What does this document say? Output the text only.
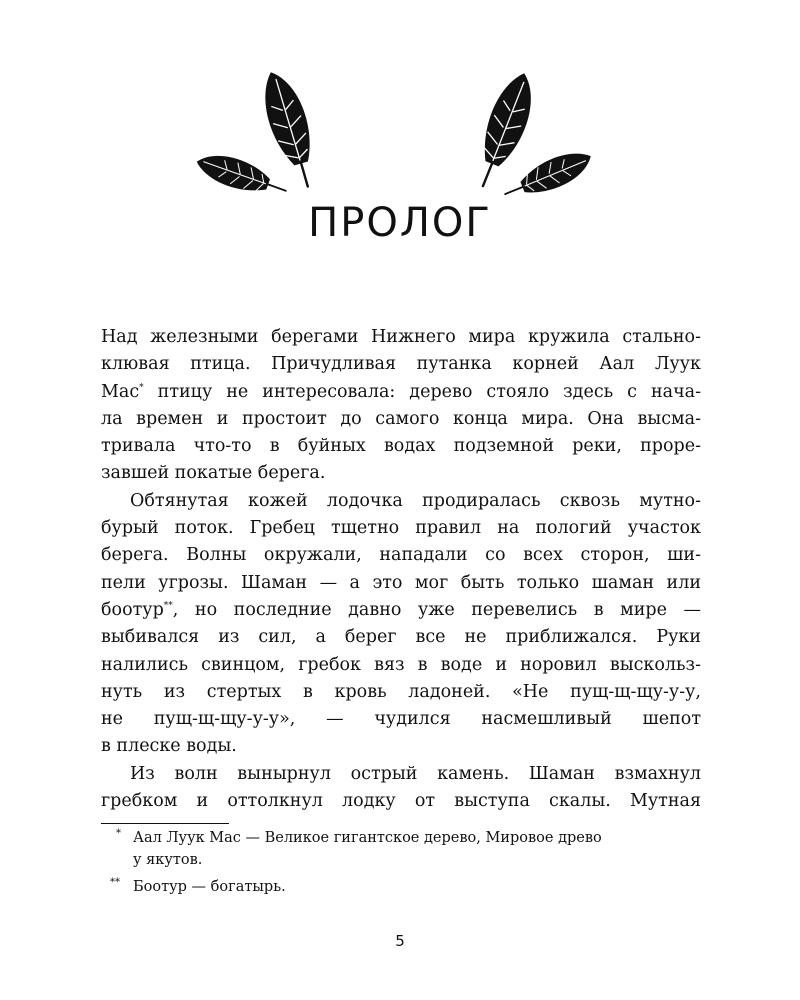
ПРОЛОГ
Над железными берегами Нижнего мира кружила стально-
клювая птица. Причудливая путанка корней Аал Луук
Мас* птицу не интересовала: дерево стояло здесь с нача-
ла времен и простоит до самого конца мира. Она высма-
тривала что-то в буйных водах подземной реки, проре-
завшей покатые берега.
Обтянутая кожей лодочка продиралась сквозь мутно-
бурый поток. Гребец тщетно правил на пологий участок
берега. Волны окружали, нападали со всех сторон, ши-
пели угрозы. Шаман — а это мог быть только шаман или
боотур**, но последние давно уже перевелись в мире —
выбивался из сил, а берег все не приближался. Руки
налились свинцом, гребок вяз в воде и норовил выскольз-
нуть из стертых в кровь ладоней. «Не пущ-щ-щу-у-у,
не пущ-щ-щу-у-у», — чудился насмешливый шепот
в плеске воды.
Из волн вынырнул острый камень. Шаман взмахнул
гребком и оттолкнул лодку от выступа скалы. Мутная
* Аал Луук Мас — Великое гигантское дерево, Мировое древо
у якутов.
** Боотур — богатырь.
5
